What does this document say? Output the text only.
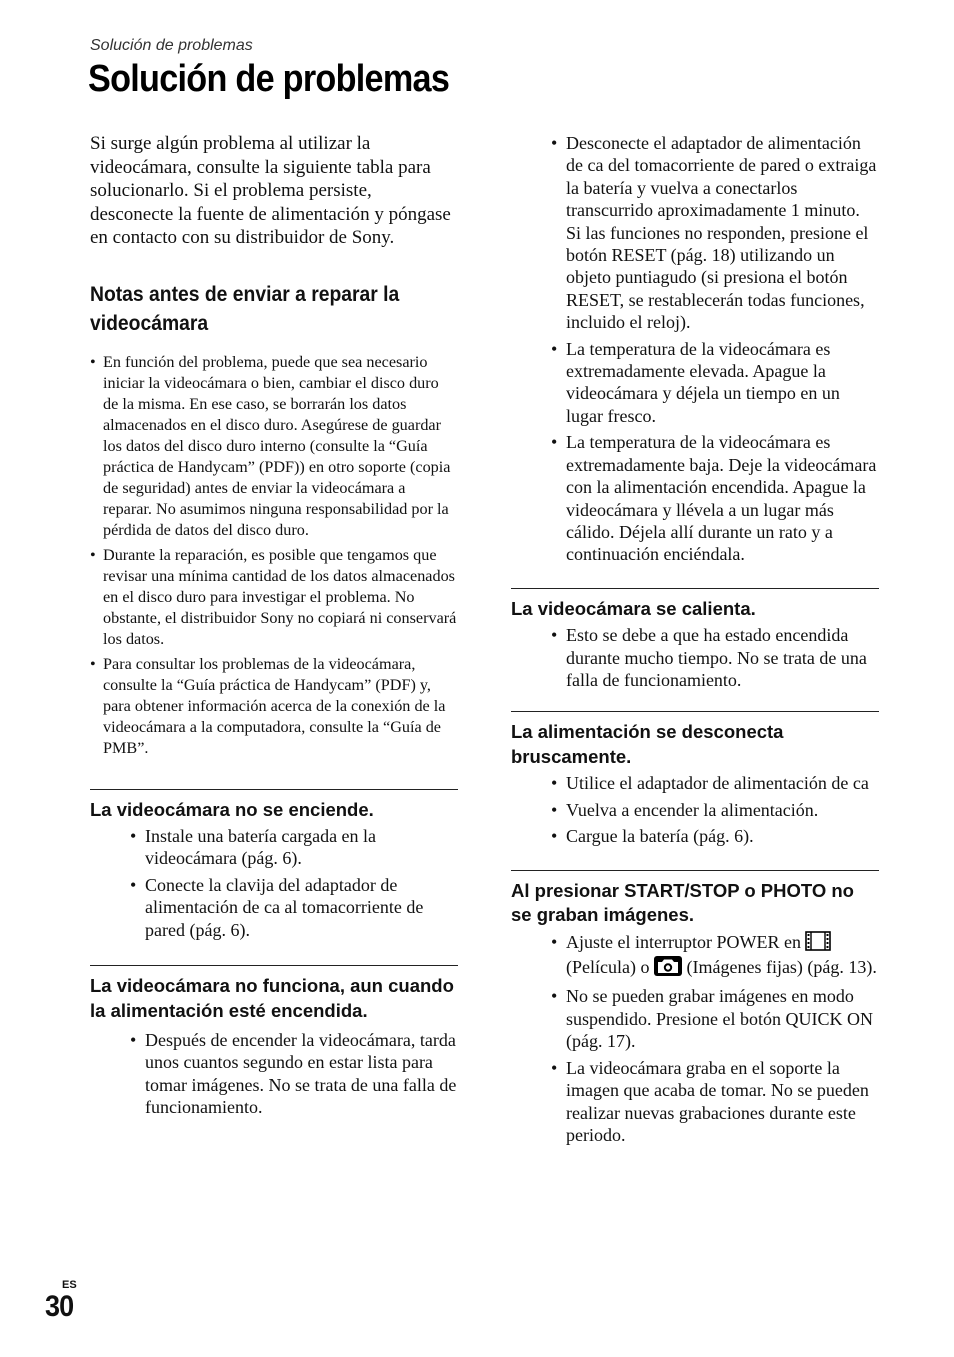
Solución de problemas
Solución de problemas

Si surge algún problema al utilizar la videocámara, consulte la siguiente tabla para solucionarlo. Si el problema persiste, desconecte la fuente de alimentación y póngase en contacto con su distribuidor de Sony.

Notas antes de enviar a reparar la videocámara
• En función del problema, puede que sea necesario iniciar la videocámara o bien, cambiar el disco duro de la misma. En ese caso, se borrarán los datos almacenados en el disco duro. Asegúrese de guardar los datos del disco duro interno (consulte la “Guía práctica de Handycam” (PDF)) en otro soporte (copia de seguridad) antes de enviar la videocámara a reparar. No asumimos ninguna responsabilidad por la pérdida de datos del disco duro.
• Durante la reparación, es posible que tengamos que revisar una mínima cantidad de los datos almacenados en el disco duro para investigar el problema. No obstante, el distribuidor Sony no copiará ni conservará los datos.
• Para consultar los problemas de la videocámara, consulte la “Guía práctica de Handycam” (PDF) y, para obtener información acerca de la conexión de la videocámara a la computadora, consulte la “Guía de PMB”.
La videocámara no se enciende.
• Instale una batería cargada en la videocámara (pág. 6).
• Conecte la clavija del adaptador de alimentación de ca al tomacorriente de pared (pág. 6).
La videocámara no funciona, aun cuando la alimentación esté encendida.
• Después de encender la videocámara, tarda unos cuantos segundo en estar lista para tomar imágenes. No se trata de una falla de funcionamiento.
• Desconecte el adaptador de alimentación de ca del tomacorriente de pared o extraiga la batería y vuelva a conectarlos transcurrido aproximadamente 1 minuto. Si las funciones no responden, presione el botón RESET (pág. 18) utilizando un objeto puntiagudo (si presiona el botón RESET, se restablecerán todas funciones, incluido el reloj).
• La temperatura de la videocámara es extremadamente elevada. Apague la videocámara y déjela un tiempo en un lugar fresco.
• La temperatura de la videocámara es extremadamente baja. Deje la videocámara con la alimentación encendida. Apague la videocámara y llévela a un lugar más cálido. Déjela allí durante un rato y a continuación enciéndala.
La videocámara se calienta.
• Esto se debe a que ha estado encendida durante mucho tiempo. No se trata de una falla de funcionamiento.
La alimentación se desconecta bruscamente.
• Utilice el adaptador de alimentación de ca
• Vuelva a encender la alimentación.
• Cargue la batería (pág. 6).
Al presionar START/STOP o PHOTO no se graban imágenes.
• Ajuste el interruptor POWER en  (Película) o (Imágenes fijas) (pág. 13).
• No se pueden grabar imágenes en modo suspendido. Presione el botón QUICK ON (pág. 17).
• La videocámara graba en el soporte la imagen que acaba de tomar. No se pueden realizar nuevas grabaciones durante este periodo.
ES
30
